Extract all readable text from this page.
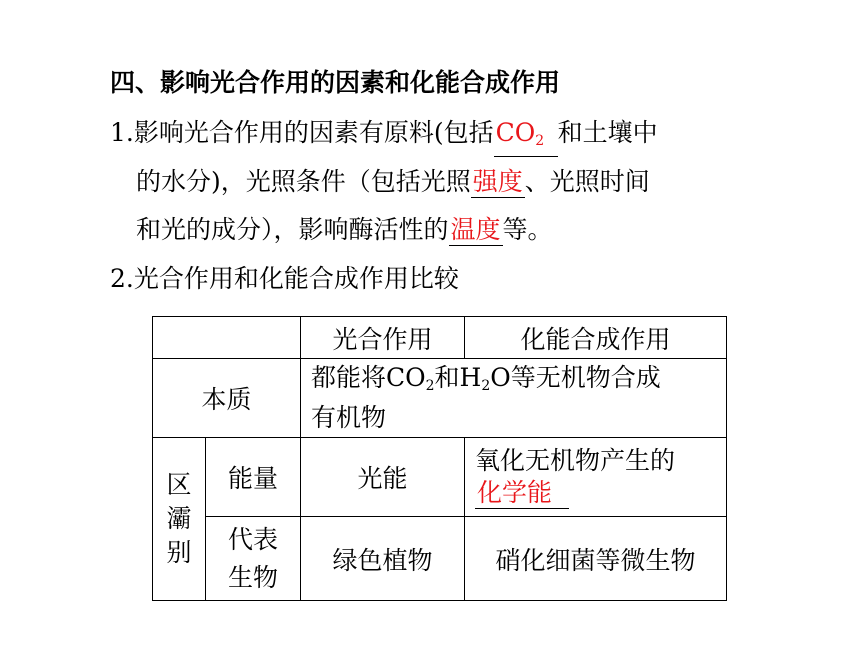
四、影响光合作用的因素和化能合成作用
1.影响光合作用的因素有原料(包括$CO_2$ 和土壤中
的水分)，光照条件（包括光照强度、光照时间
和光的成分），影响酶活性的温度等。
2.光合作用和化能合成作用比较
		光合作用	化能合成作用
本质		都能将$CO_2$和$H_2O$等无机物合成
有机物	
区灞别	能量	光能	氧化无机物产生的
化学能
	代表
生物	绿色植物	硝化细菌等微生物
